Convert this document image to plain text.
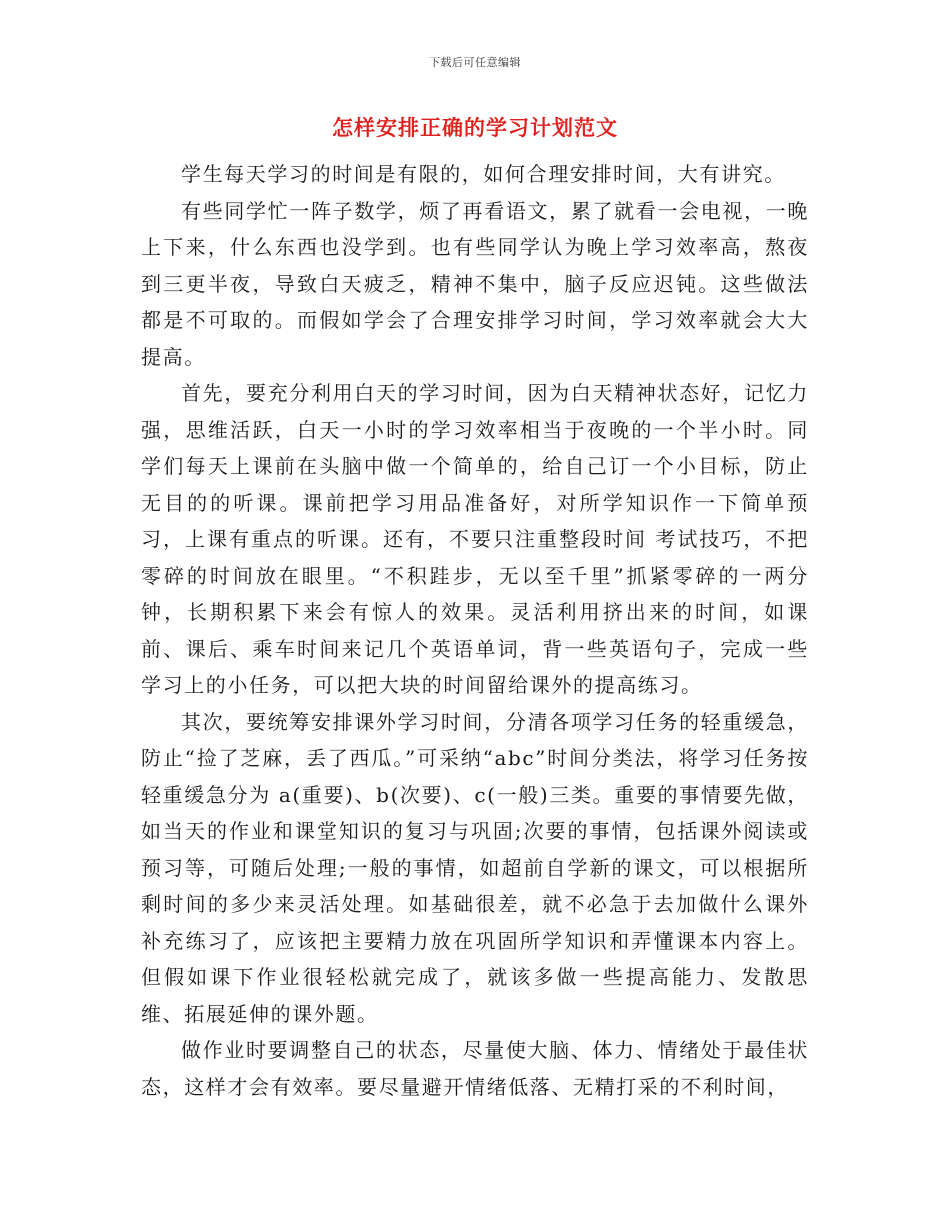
下载后可任意编辑
怎样安排正确的学习计划范文

学生每天学习的时间是有限的，如何合理安排时间，大有讲究。

有些同学忙一阵子数学，烦了再看语文，累了就看一会电视，一晚上下来，什么东西也没学到。也有些同学认为晚上学习效率高，熬夜到三更半夜，导致白天疲乏，精神不集中，脑子反应迟钝。这些做法都是不可取的。而假如学会了合理安排学习时间，学习效率就会大大提高。

首先，要充分利用白天的学习时间，因为白天精神状态好，记忆力强，思维活跃，白天一小时的学习效率相当于夜晚的一个半小时。同学们每天上课前在头脑中做一个简单的，给自己订一个小目标，防止无目的的听课。课前把学习用品准备好，对所学知识作一下简单预习，上课有重点的听课。还有，不要只注重整段时间 考试技巧，不把零碎的时间放在眼里。“不积跬步，无以至千里”抓紧零碎的一两分钟，长期积累下来会有惊人的效果。灵活利用挤出来的时间，如课前、课后、乘车时间来记几个英语单词，背一些英语句子，完成一些学习上的小任务，可以把大块的时间留给课外的提高练习。

其次，要统筹安排课外学习时间，分清各项学习任务的轻重缓急，防止“捡了芝麻，丢了西瓜。”可采纳“abc”时间分类法，将学习任务按轻重缓急分为 a(重要)、b(次要)、c(一般)三类。重要的事情要先做，如当天的作业和课堂知识的复习与巩固;次要的事情，包括课外阅读或预习等，可随后处理;一般的事情，如超前自学新的课文，可以根据所剩时间的多少来灵活处理。如基础很差，就不必急于去加做什么课外补充练习了，应该把主要精力放在巩固所学知识和弄懂课本内容上。但假如课下作业很轻松就完成了，就该多做一些提高能力、发散思维、拓展延伸的课外题。

做作业时要调整自己的状态，尽量使大脑、体力、情绪处于最佳状态，这样才会有效率。要尽量避开情绪低落、无精打采的不利时间，
